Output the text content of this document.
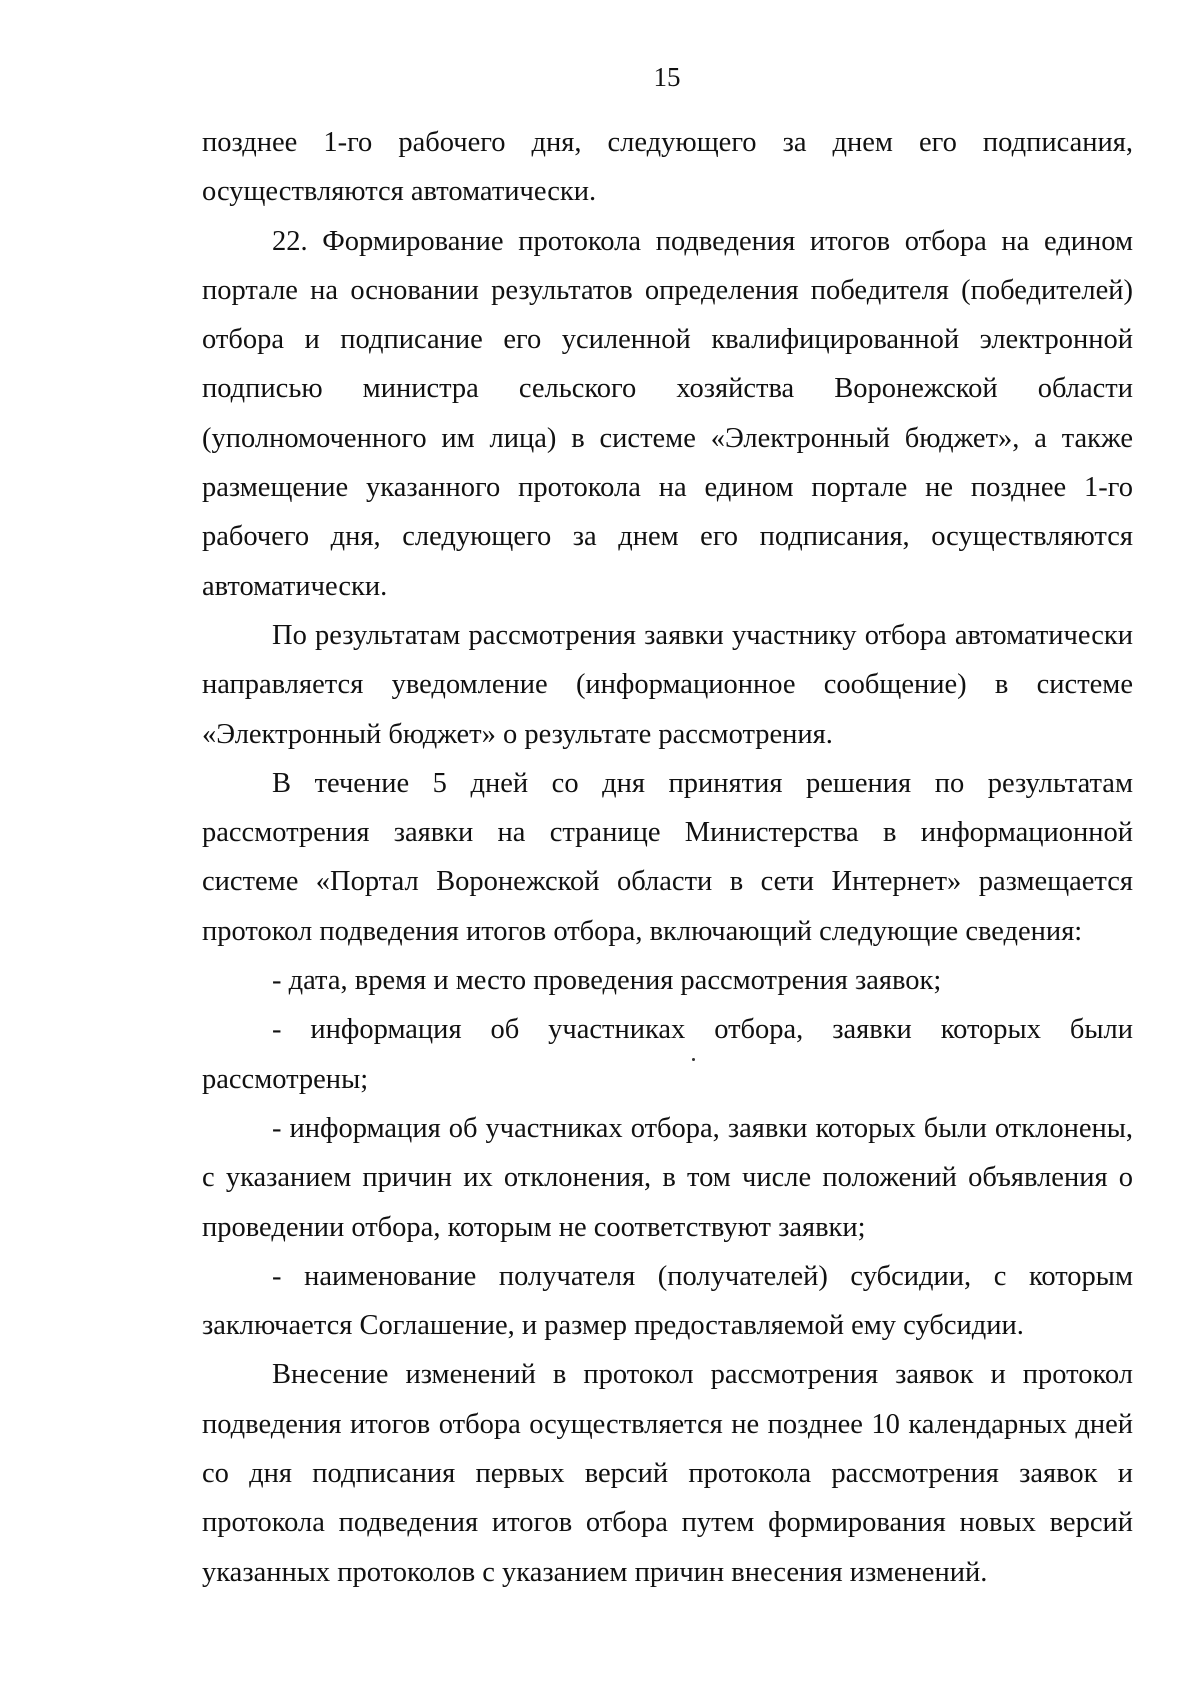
15

позднее 1-го рабочего дня, следующего за днем его подписания, осуществляются автоматически.

22. Формирование протокола подведения итогов отбора на едином портале на основании результатов определения победителя (победителей) отбора и подписание его усиленной квалифицированной электронной подписью министра сельского хозяйства Воронежской области (уполномоченного им лица) в системе «Электронный бюджет», а также размещение указанного протокола на едином портале не позднее 1-го рабочего дня, следующего за днем его подписания, осуществляются автоматически.

По результатам рассмотрения заявки участнику отбора автоматически направляется уведомление (информационное сообщение) в системе «Электронный бюджет» о результате рассмотрения.

В течение 5 дней со дня принятия решения по результатам рассмотрения заявки на странице Министерства в информационной системе «Портал Воронежской области в сети Интернет» размещается протокол подведения итогов отбора, включающий следующие сведения:

- дата, время и место проведения рассмотрения заявок;

- информация об участниках отбора, заявки которых были рассмотрены;

- информация об участниках отбора, заявки которых были отклонены, с указанием причин их отклонения, в том числе положений объявления о проведении отбора, которым не соответствуют заявки;

- наименование получателя (получателей) субсидии, с которым заключается Соглашение, и размер предоставляемой ему субсидии.

Внесение изменений в протокол рассмотрения заявок и протокол подведения итогов отбора осуществляется не позднее 10 календарных дней со дня подписания первых версий протокола рассмотрения заявок и протокола подведения итогов отбора путем формирования новых версий указанных протоколов с указанием причин внесения изменений.
